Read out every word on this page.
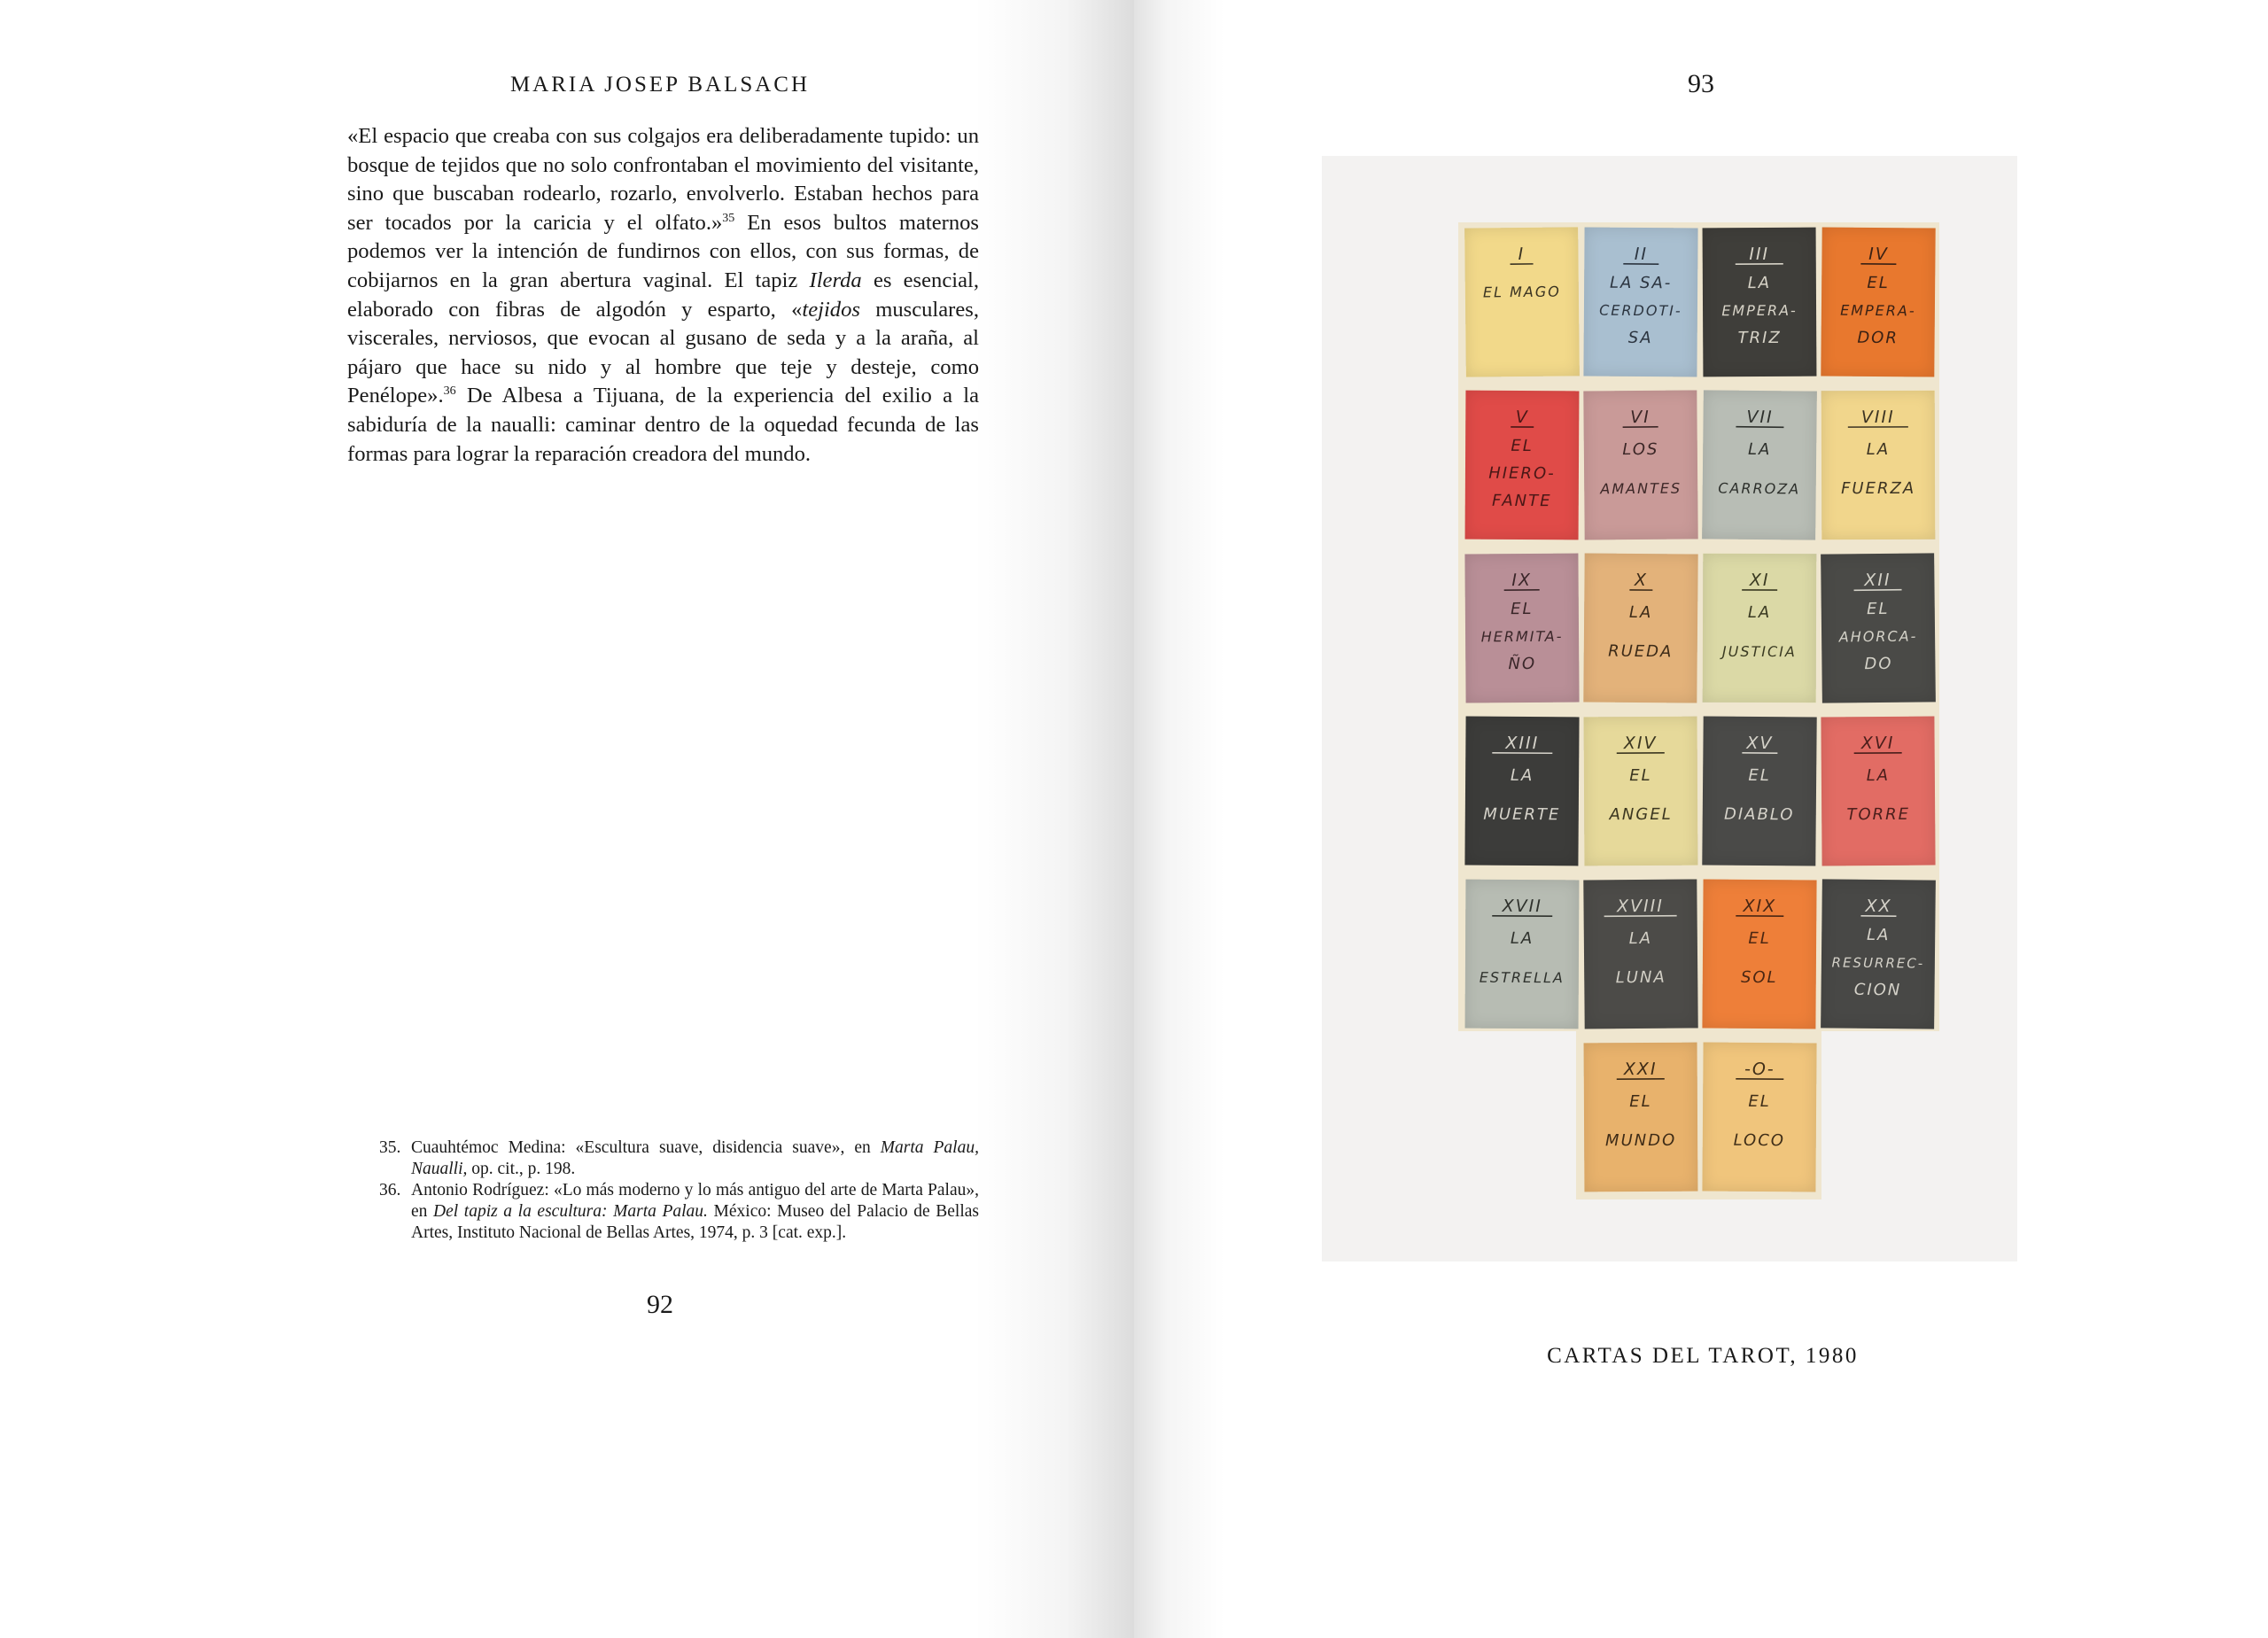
MARIA JOSEP BALSACH

«El espacio que creaba con sus colgajos era deliberadamente tupido: un bosque de tejidos que no solo confrontaban el movimiento del visitante, sino que buscaban rodearlo, rozarlo, envolverlo. Estaban hechos para ser tocados por la caricia y el olfato.»$^{35}$ En esos bultos maternos podemos ver la intención de fundirnos con ellos, con sus formas, de cobijarnos en la gran abertura vaginal. El tapiz Ilerda es esencial, elaborado con fibras de algodón y esparto, «tejidos musculares, viscerales, nerviosos, que evocan al gusano de seda y a la araña, al pájaro que hace su nido y al hombre que teje y desteje, como Penélope».$^{36}$ De Albesa a Tijuana, de la experiencia del exilio a la sabiduría de la naualli: caminar dentro de la oquedad fecunda de las formas para lograr la reparación creadora del mundo.

35. Cuauhtémoc Medina: «Escultura suave, disidencia suave», en Marta Palau, Naualli, op. cit., p. 198.
36. Antonio Rodríguez: «Lo más moderno y lo más antiguo del arte de Marta Palau», en Del tapiz a la escultura: Marta Palau. México: Museo del Palacio de Bellas Artes, Instituto Nacional de Bellas Artes, 1974, p. 3 [cat. exp.].
92
93
I
EL MAGO
II
LA SA-
CERDOTI-
SA
III
LA
EMPERA-
TRIZ
IV
EL
EMPERA-
DOR
V
EL
HIERO-
FANTE
VI
LOS
AMANTES
VII
LA
CARROZA
VIII
LA
FUERZA
IX
EL
HERMITA-
ÑO
X
LA
RUEDA
XI
LA
JUSTICIA
XII
EL
AHORCA-
DO
XIII
LA
MUERTE
XIV
EL
ANGEL
XV
EL
DIABLO
XVI
LA
TORRE
XVII
LA
ESTRELLA
XVIII
LA
LUNA
XIX
EL
SOL
XX
LA
RESURREC-
CION
XXI
EL
MUNDO
-O-
EL
LOCO
CARTAS DEL TAROT, 1980
